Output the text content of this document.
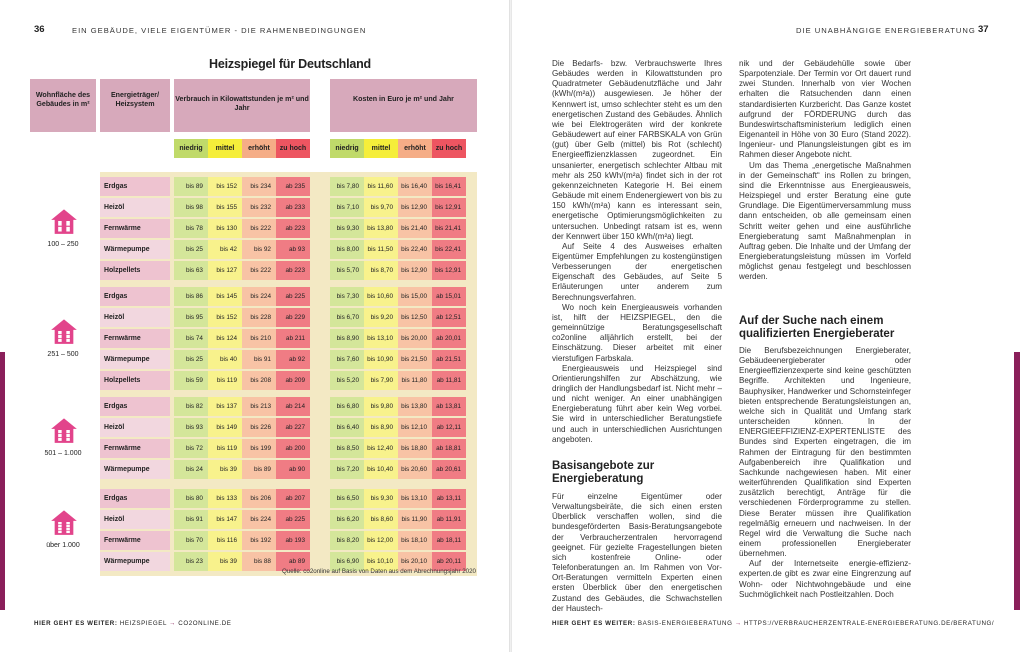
36	EIN GEBÄUDE, VIELE EIGENTÜMER - DIE RAHMENBEDINGUNGEN	DIE UNABHÄNGIGE ENERGIEBERATUNG 37
Heizspiegel für Deutschland
Wohnfläche des Gebäudes in m²
Energieträger/ Heizsystem
Verbrauch in Kilowattstunden je m² und Jahr
Kosten in Euro je m² und Jahr
niedrig	mittel	erhöht	zu hoch	niedrig	mittel	erhöht	zu hoch
100 – 250
Erdgas	bis 89	bis 152	bis 234	ab 235	bis 7,80	bis 11,60	bis 16,40	bis 16,41
Heizöl	bis 98	bis 155	bis 232	ab 233	bis 7,10	bis 9,70	bis 12,90	bis 12,91
Fernwärme	bis 78	bis 130	bis 222	ab 223	bis 9,30	bis 13,80	bis 21,40	bis 21,41
Wärmepumpe	bis 25	bis 42	bis 92	ab 93	bis 8,00	bis 11,50	bis 22,40	bis 22,41
Holzpellets	bis 63	bis 127	bis 222	ab 223	bis 5,70	bis 8,70	bis 12,90	bis 12,91
251 – 500
Erdgas	bis 86	bis 145	bis 224	ab 225	bis 7,30	bis 10,60	bis 15,00	ab 15,01
Heizöl	bis 95	bis 152	bis 228	ab 229	bis 6,70	bis 9,20	bis 12,50	ab 12,51
Fernwärme	bis 74	bis 124	bis 210	ab 211	bis 8,90	bis 13,10	bis 20,00	ab 20,01
Wärmepumpe	bis 25	bis 40	bis 91	ab 92	bis 7,60	bis 10,90	bis 21,50	ab 21,51
Holzpellets	bis 59	bis 119	bis 208	ab 209	bis 5,20	bis 7,90	bis 11,80	ab 11,81
501 – 1.000
Erdgas	bis 82	bis 137	bis 213	ab 214	bis 6,80	bis 9,80	bis 13,80	ab 13,81
Heizöl	bis 93	bis 149	bis 226	ab 227	bis 6,40	bis 8,90	bis 12,10	ab 12,11
Fernwärme	bis 72	bis 119	bis 199	ab 200	bis 8,50	bis 12,40	bis 18,80	ab 18,81
Wärmepumpe	bis 24	bis 39	bis 89	ab 90	bis 7,20	bis 10,40	bis 20,60	ab 20,61
über 1.000
Erdgas	bis 80	bis 133	bis 206	ab 207	bis 6,50	bis 9,30	bis 13,10	ab 13,11
Heizöl	bis 91	bis 147	bis 224	ab 225	bis 6,20	bis 8,60	bis 11,90	ab 11,91
Fernwärme	bis 70	bis 116	bis 192	ab 193	bis 8,20	bis 12,00	bis 18,10	ab 18,11
Wärmepumpe	bis 23	bis 39	bis 88	ab 89	bis 6,90	bis 10,10	bis 20,10	ab 20,11
Quelle: co2online auf Basis von Daten aus dem Abrechnungsjahr 2020

Die Bedarfs- bzw. Verbrauchswerte Ihres Gebäudes werden in Kilowattstunden pro Quadratmeter Gebäudenutzfläche und Jahr (kWh/(m²a)) ausgewiesen. Je höher der Kennwert ist, umso schlechter steht es um den energetischen Zustand des Gebäudes. Ähnlich wie bei Elektrogeräten wird der konkrete Gebäudewert auf einer FARBSKALA von Grün (gut) über Gelb (mittel) bis Rot (schlecht) Energieeffizienzklassen zugeordnet. Ein unsanierter, energetisch schlechter Altbau mit mehr als 250 kWh/(m²a) findet sich in der rot gekennzeichneten Kategorie H. Bei einem Gebäude mit einem Endenergiewert von bis zu 150 kWh/(m²a) kann es interessant sein, energetische Optimierungsmöglichkeiten zu untersuchen. Unbedingt ratsam ist es, wenn der Kennwert über 150 kWh/(m²a) liegt.

Auf Seite 4 des Ausweises erhalten Eigentümer Empfehlungen zu kostengünstigen Verbesserungen der energetischen Eigenschaft des Gebäudes, auf Seite 5 Erläuterungen unter anderem zum Berechnungsverfahren.

Wo noch kein Energieausweis vorhanden ist, hilft der HEIZSPIEGEL, den die gemeinnützige Beratungsgesellschaft co2online alljährlich erstellt, bei der Einschätzung. Dieser arbeitet mit einer vierstufigen Farbskala.

Energieausweis und Heizspiegel sind Orientierungshilfen zur Abschätzung, wie dringlich der Handlungsbedarf ist. Nicht mehr – und nicht weniger. An einer unabhängigen Energieberatung führt aber kein Weg vorbei. Sie wird in unterschiedlicher Beratungstiefe und auch in unterschiedlichen Ausrichtungen angeboten.

Basisangebote zur Energieberatung

Für einzelne Eigentümer oder Verwaltungsbeiräte, die sich einen ersten Überblick verschaffen wollen, sind die bundesgeförderten Basis-Beratungsangebote der Verbraucherzentralen hervorragend geeignet. Für gezielte Fragestellungen bieten sich kostenfreie Online- oder Telefonberatungen an. Im Rahmen von Vor-Ort-Beratungen vermitteln Experten einen ersten Überblick über den energetischen Zustand des Gebäudes, die Schwachstellen der Haustech-

nik und der Gebäudehülle sowie über Sparpotenziale. Der Termin vor Ort dauert rund zwei Stunden. Innerhalb von vier Wochen erhalten die Ratsuchenden dann einen standardisierten Kurzbericht. Das Ganze kostet aufgrund der FÖRDERUNG durch das Bundeswirtschaftsministerium lediglich einen Eigenanteil in Höhe von 30 Euro (Stand 2022). Ingenieur- und Planungsleistungen gibt es im Rahmen dieser Angebote nicht.

Um das Thema „energetische Maßnahmen in der Gemeinschaft“ ins Rollen zu bringen, sind die Erkenntnisse aus Energieausweis, Heizspiegel und erster Beratung eine gute Grundlage. Die Eigentümerversammlung muss dann entscheiden, ob alle gemeinsam einen Schritt weiter gehen und eine ausführliche Energieberatung samt Maßnahmenplan in Auftrag geben. Die Inhalte und der Umfang der Energieberatungsleistung müssen im Vorfeld möglichst genau festgelegt und beschlossen werden.

Auf der Suche nach einem qualifizierten Energieberater

Die Berufsbezeichnungen Energieberater, Gebäudeenergieberater oder Energieeffizienzexperte sind keine geschützten Begriffe. Architekten und Ingenieure, Bauphysiker, Handwerker und Schornsteinfeger bieten entsprechende Beratungsleistungen an, welche sich in Qualität und Umfang stark unterscheiden können. In der ENERGIEEFFIZIENZ-EXPERTENLISTE des Bundes sind Experten eingetragen, die im Rahmen der Eintragung für den bestimmten Aufgabenbereich ihre Qualifikation und Sachkunde nachgewiesen haben. Mit einer weiterführenden Qualifikation sind Experten zusätzlich berechtigt, Anträge für die verschiedenen Förderprogramme zu stellen. Diese Berater müssen ihre Qualifikation regelmäßig erneuern und nachweisen. In der Regel wird die Verwaltung die Suche nach einem professionellen Energieberater übernehmen.

Auf der Internetseite energie-effizienz-experten.de gibt es zwar eine Eingrenzung auf Wohn- oder Nichtwohngebäude und eine Suchmöglichkeit nach Postleitzahlen. Doch

HIER GEHT ES WEITER: HEIZSPIEGEL → CO2ONLINE.DE	HIER GEHT ES WEITER: BASIS-ENERGIEBERATUNG → HTTPS://VERBRAUCHERZENTRALE-ENERGIEBERATUNG.DE/BERATUNG/
